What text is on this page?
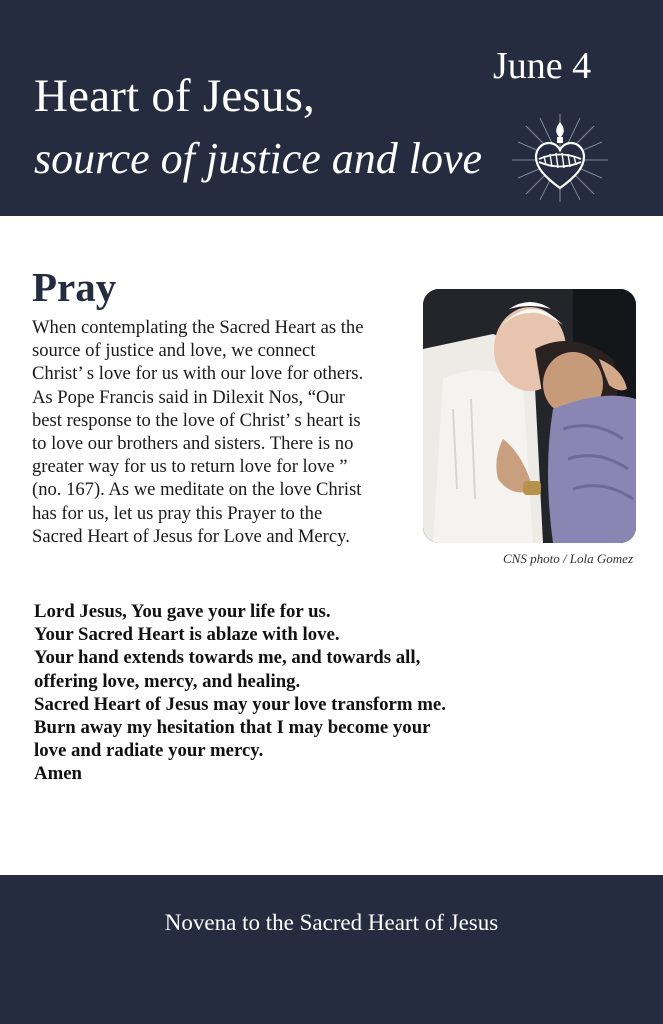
Heart of Jesus,
source of justice and love
June 4
Pray
When contemplating the Sacred Heart as the
source of justice and love, we connect
Christ’ s love for us with our love for others.
As Pope Francis said in Dilexit Nos, “Our
best response to the love of Christ’ s heart is
to love our brothers and sisters. There is no
greater way for us to return love for love ”
(no. 167). As we meditate on the love Christ
has for us, let us pray this Prayer to the
Sacred Heart of Jesus for Love and Mercy.
CNS photo / Lola Gomez
Lord Jesus, You gave your life for us.
Your Sacred Heart is ablaze with love.
Your hand extends towards me, and towards all,
offering love, mercy, and healing.
Sacred Heart of Jesus may your love transform me.
Burn away my hesitation that I may become your
love and radiate your mercy.
Amen
Novena to the Sacred Heart of Jesus
